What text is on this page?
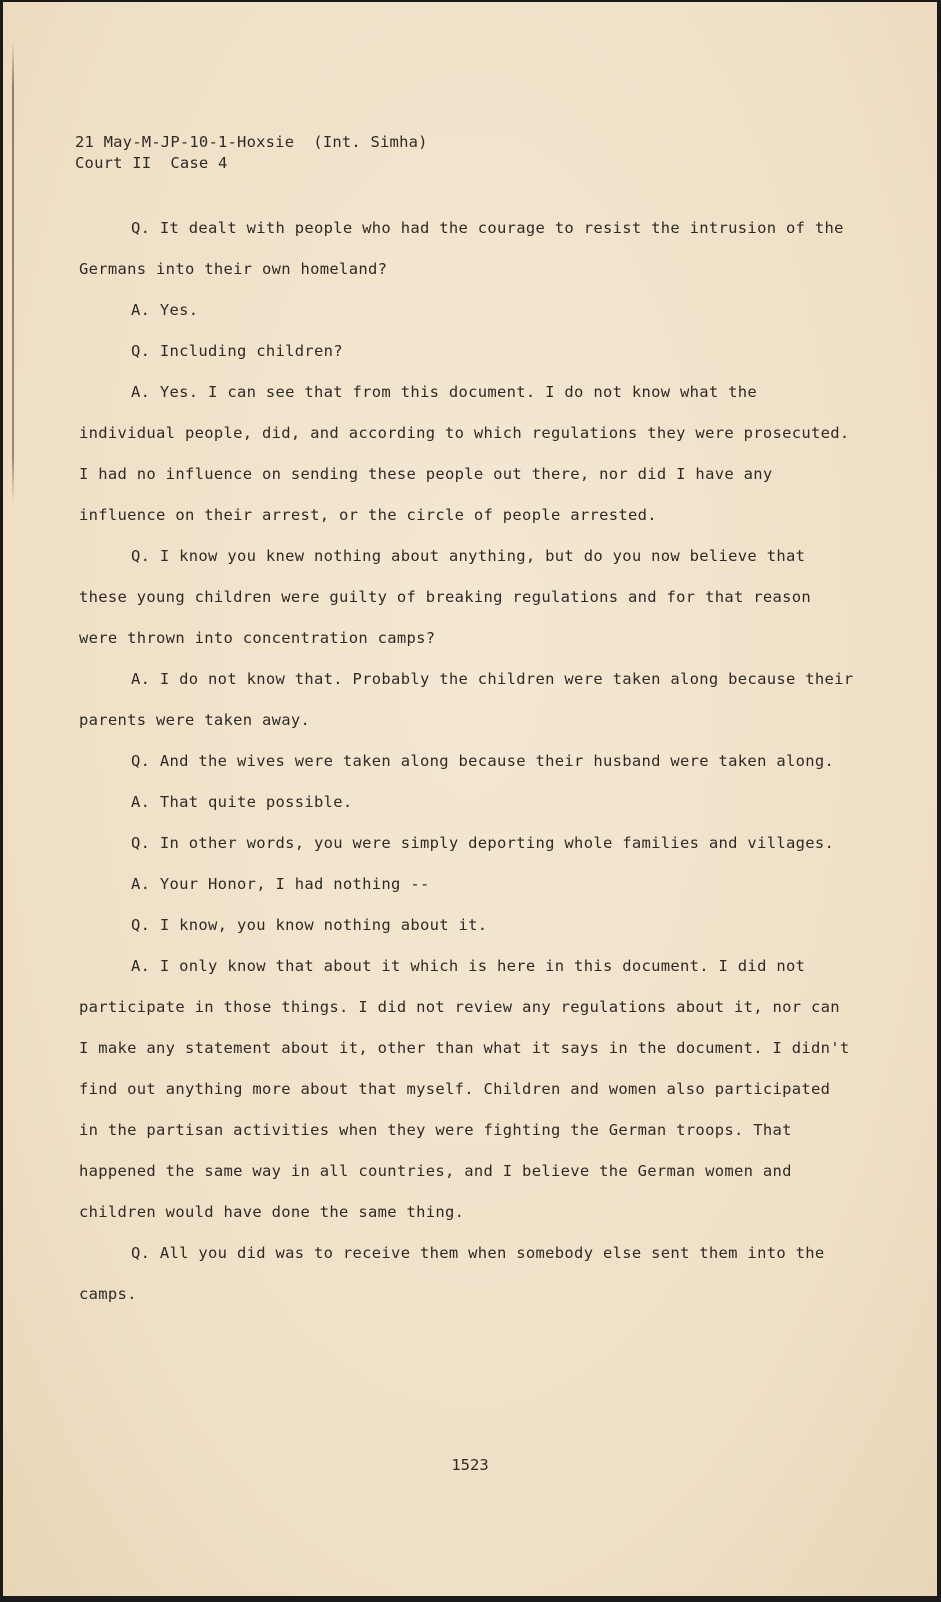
21 May-M-JP-10-1-Hoxsie  (Int. Simha)
Court II  Case 4

Q. It dealt with people who had the courage to resist the intrusion of the Germans into their own homeland?

A. Yes.

Q. Including children?

A. Yes. I can see that from this document. I do not know what the individual people, did, and according to which regulations they were prosecuted. I had no influence on sending these people out there, nor did I have any influence on their arrest, or the circle of people arrested.

Q. I know you knew nothing about anything, but do you now believe that these young children were guilty of breaking regulations and for that reason were thrown into concentration camps?

A. I do not know that. Probably the children were taken along because their parents were taken away.

Q. And the wives were taken along because their husband were taken along.

A. That quite possible.

Q. In other words, you were simply deporting whole families and villages.

A. Your Honor, I had nothing --

Q. I know, you know nothing about it.

A. I only know that about it which is here in this document. I did not participate in those things. I did not review any regulations about it, nor can I make any statement about it, other than what it says in the document. I didn't find out anything more about that myself. Children and women also participated in the partisan activities when they were fighting the German troops. That happened the same way in all countries, and I believe the German women and children would have done the same thing.

Q. All you did was to receive them when somebody else sent them into the camps.

1523
